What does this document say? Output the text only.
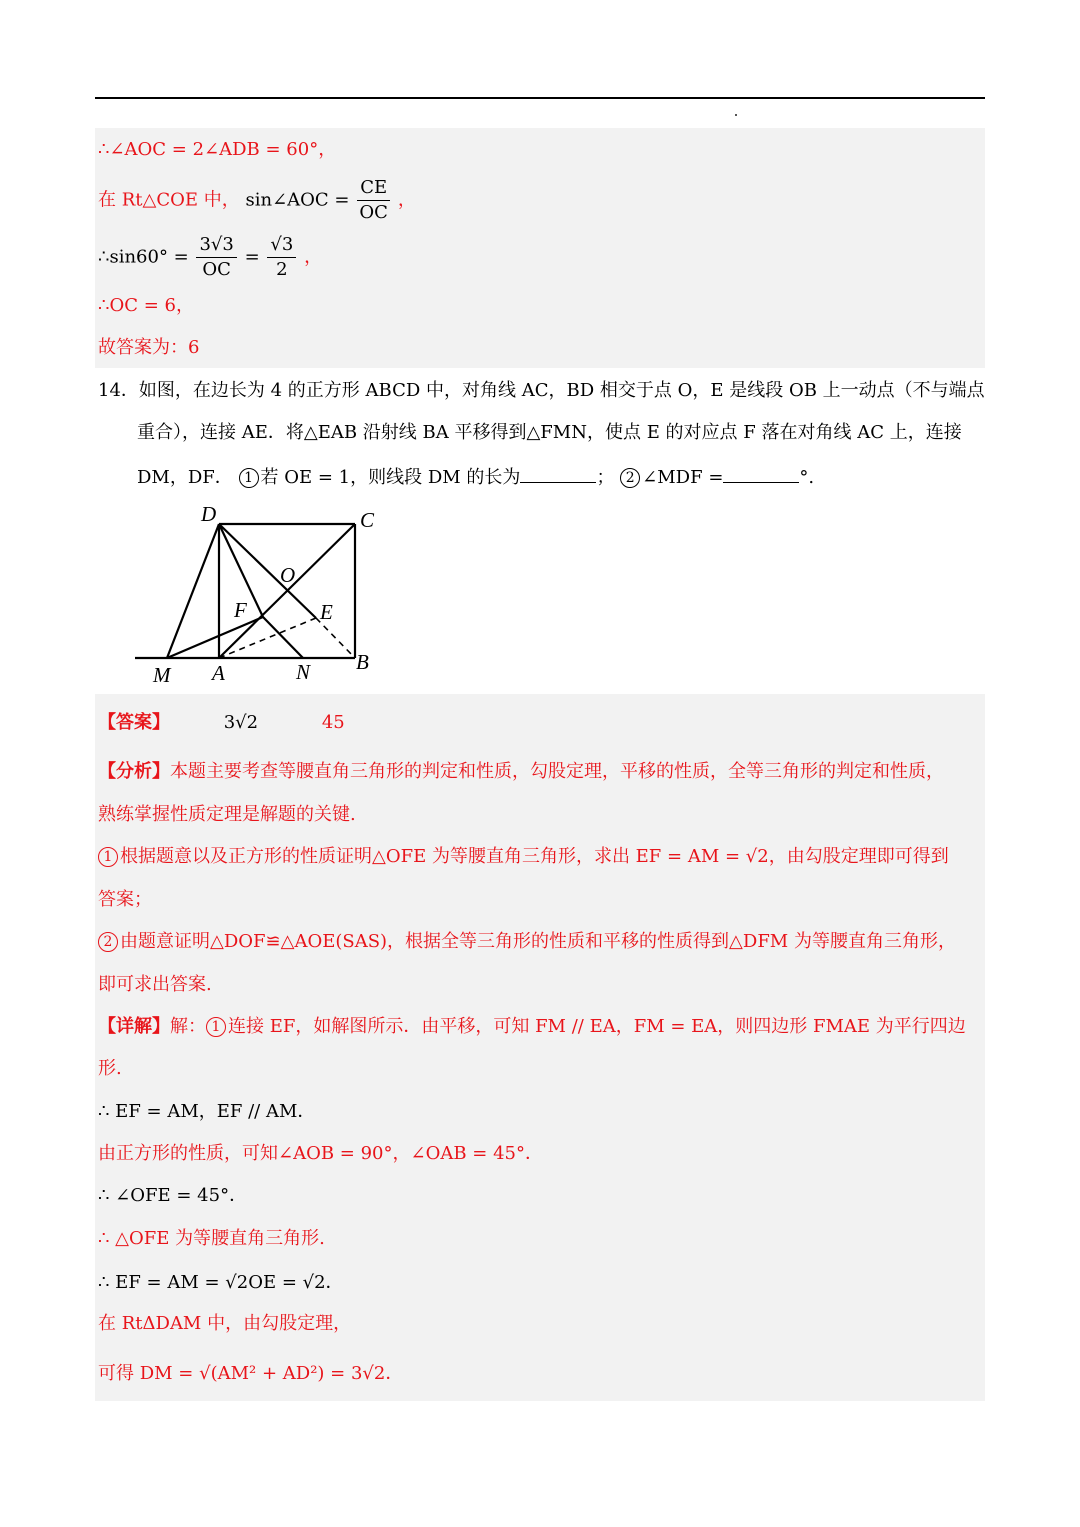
∴∠AOC = 2∠ADB = 60°，
在 Rt△COE 中， sin∠AOC = $\frac{CE}{OC}$ ，
∴sin60° = $\frac{3√3}{OC} = \frac{√3}{2}$ ，
∴OC = 6，
故答案为：6
14．如图，在边长为 4 的正方形 ABCD 中，对角线 AC，BD 相交于点 O，E 是线段 OB 上一动点（不与端点
重合），连接 AE．将△EAB 沿射线 BA 平移得到△FMN，使点 E 的对应点 F 落在对角线 AC 上，连接
DM，DF． 1 若 OE = 1，则线段 DM 的长为	； 2 ∠MDF =	°.
D	C
O
F	E
M A	N B
【答案】	3√2	45
【分析】本题主要考查等腰直角三角形的判定和性质，勾股定理，平移的性质，全等三角形的判定和性质，
熟练掌握性质定理是解题的关键.
1 根据题意以及正方形的性质证明△OFE 为等腰直角三角形，求出 EF = AM = √2，由勾股定理即可得到
答案；
2 由题意证明△DOF≌△AOE(SAS)，根据全等三角形的性质和平移的性质得到△DFM 为等腰直角三角形，
即可求出答案.
【详解】解： 1 连接 EF，如解图所示．由平移，可知 FM // EA，FM = EA，则四边形 FMAE 为平行四边
形.
∴ EF = AM，EF // AM．
由正方形的性质，可知∠AOB = 90°，∠OAB = 45°．
∴ ∠OFE = 45°．
∴ △OFE 为等腰直角三角形.
∴ EF = AM = √2OE = √2．
在 RtΔDAM 中，由勾股定理，
可得 DM = √(AM² + AD²) = 3√2．
